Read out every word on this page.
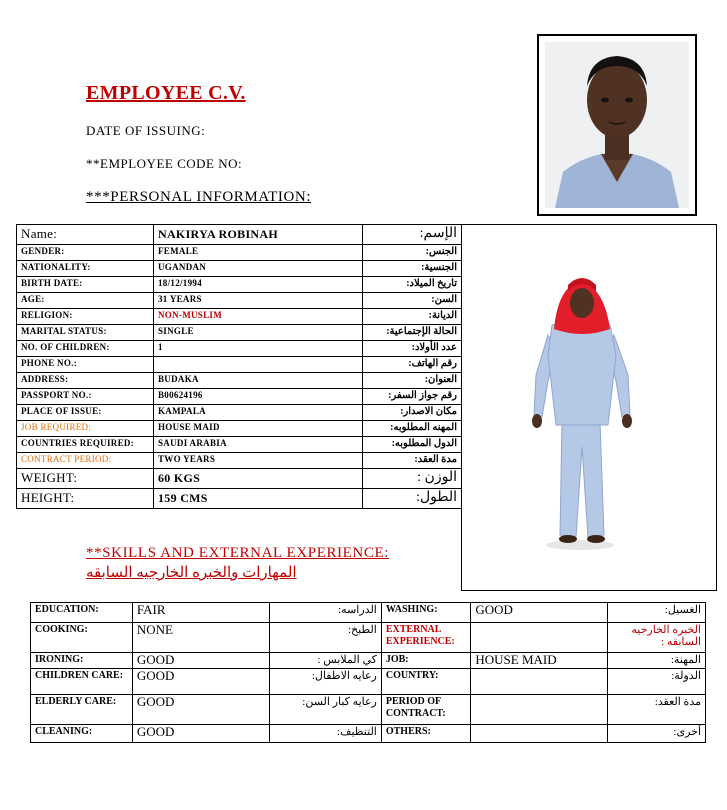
EMPLOYEE C.V.
DATE OF ISSUING:
**EMPLOYEE CODE NO:
***PERSONAL INFORMATION:
Name:	NAKIRYA ROBINAH	الإسم:
GENDER:	FEMALE	الجنس:
NATIONALITY:	UGANDAN	الجنسية:
BIRTH DATE:	18/12/1994	تاريخ الميلاد:
AGE:	31 YEARS	السن:
RELIGION:	NON-MUSLIM	الديانة:
MARITAL STATUS:	SINGLE	الحالة الإجتماعية:
NO. OF CHILDREN:	1	عدد الأولاد:
PHONE NO.:		رقم الهاتف:
ADDRESS:	BUDAKA	العنوان:
PASSPORT NO.:	B00624196	رقم جواز السفر:
PLACE OF ISSUE:	KAMPALA	مكان الاصدار:
JOB REQUIRED:	HOUSE MAID	المهنه المطلوبه:
COUNTRIES REQUIRED:	SAUDI ARABIA	الدول المطلوبه:
CONTRACT PERIOD:	TWO YEARS	مدة العقد:
WEIGHT:	60 KGS	الوزن :
HEIGHT:	159 CMS	الطول:
**SKILLS AND EXTERNAL EXPERIENCE:
المهارات والخبره الخارجيه السابقه
EDUCATION:	FAIR	الدراسه:	WASHING:	GOOD	الغسيل:
COOKING:	NONE	الطبخ:	EXTERNAL EXPERIENCE:		الخبره الخارجيه السابقه :
IRONING:	GOOD	كي الملابس :	JOB:	HOUSE MAID	المهنة:
CHILDREN CARE:	GOOD	رعايه الاطفال:	COUNTRY:		الدولة:
ELDERLY CARE:	GOOD	رعايه كبار السن:	PERIOD OF CONTRACT:		مدة العقد:
CLEANING:	GOOD	التنظيف:	OTHERS:		أخرى:
